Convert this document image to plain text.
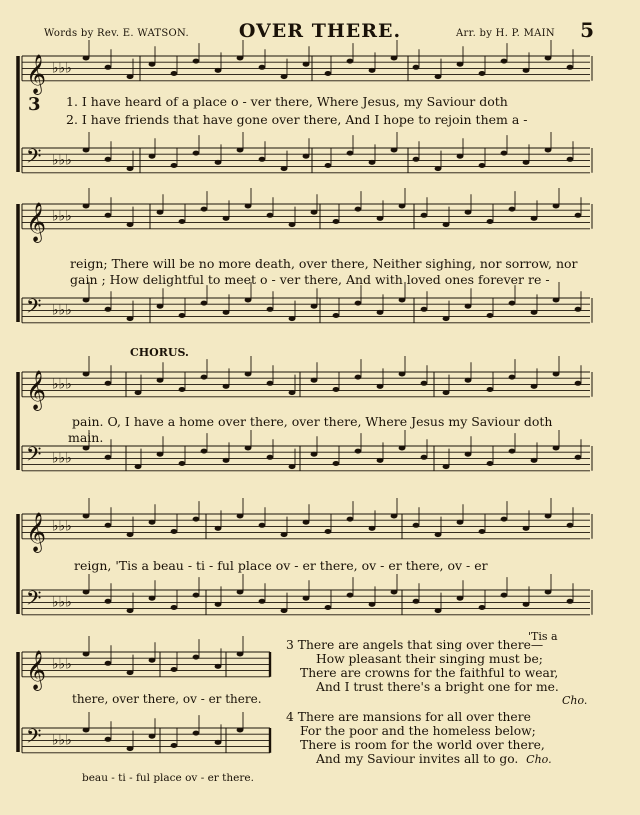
Words by Rev. E. WATSON.	OVER THERE.	Arr. by H. P. MAIN 5
𝄞 ♭♭♭
𝄢 ♭♭♭
𝄞 ♭♭♭
𝄢 ♭♭♭
𝄞 ♭♭♭
𝄢 ♭♭♭
𝄞 ♭♭♭
𝄢 ♭♭♭
𝄞 ♭♭♭
𝄢 ♭♭♭
3 1. I have heard of a place o - ver there, Where Jesus, my Saviour doth
2. I have friends that have gone over there, And I hope to rejoin them a -
reign; There will be no more death, over there, Neither sighing, nor sorrow, nor
gain ; How delightful to meet o - ver there, And with loved ones forever re -
CHORUS.
pain. O, I have a home over there, over there, Where Jesus my Saviour doth
main.
reign, 'Tis a beau - ti - ful place ov - er there, ov - er there, ov - er
there, over there, ov - er there.
beau - ti - ful place ov - er there.
'Tis a
3 There are angels that sing over there—
How pleasant their singing must be;
There are crowns for the faithful to wear,
And I trust there's a bright one for me.
Cho.
4 There are mansions for all over there
For the poor and the homeless below;
There is room for the world over there,
And my Saviour invites all to go. Cho.
